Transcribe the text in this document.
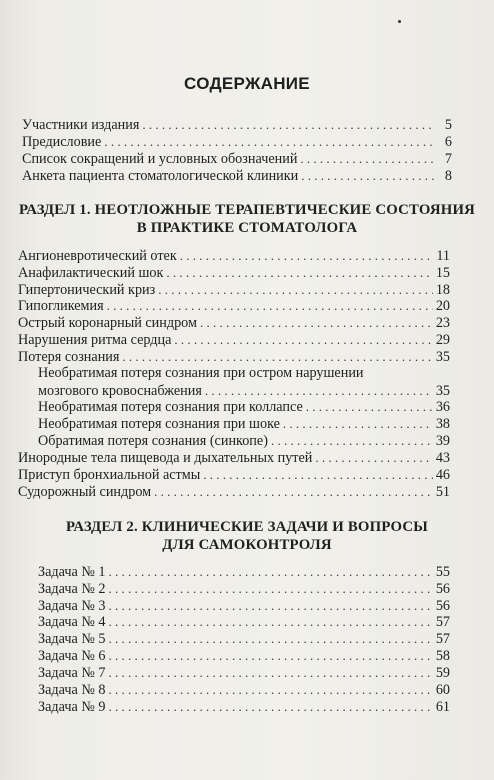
СОДЕРЖАНИЕ
Участники издания . . .	5
Предисловие . . .	6
Список сокращений и условных обозначений . . .	7
Анкета пациента стоматологической клиники . . .	8
РАЗДЕЛ 1. НЕОТЛОЖНЫЕ ТЕРАПЕВТИЧЕСКИЕ СОСТОЯНИЯ
В ПРАКТИКЕ СТОМАТОЛОГА
Ангионевротический отек . . .	11
Анафилактический шок . . .	15
Гипертонический криз . . .	18
Гипогликемия . . .	20
Острый коронарный синдром . . .	23
Нарушения ритма сердца . . .	29
Потеря сознания . . .	35
Необратимая потеря сознания при остром нарушении
мозгового кровоснабжения . . .	35
Необратимая потеря сознания при коллапсе . . .	36
Необратимая потеря сознания при шоке . . .	38
Обратимая потеря сознания (синкопе) . . .	39
Инородные тела пищевода и дыхательных путей . . .	43
Приступ бронхиальной астмы . . .	46
Судорожный синдром . . .	51
РАЗДЕЛ 2. КЛИНИЧЕСКИЕ ЗАДАЧИ И ВОПРОСЫ
ДЛЯ САМОКОНТРОЛЯ
Задача № 1 . . .	55
Задача № 2 . . .	56
Задача № 3 . . .	56
Задача № 4 . . .	57
Задача № 5 . . .	57
Задача № 6 . . .	58
Задача № 7 . . .	59
Задача № 8 . . .	60
Задача № 9 . . .	61
